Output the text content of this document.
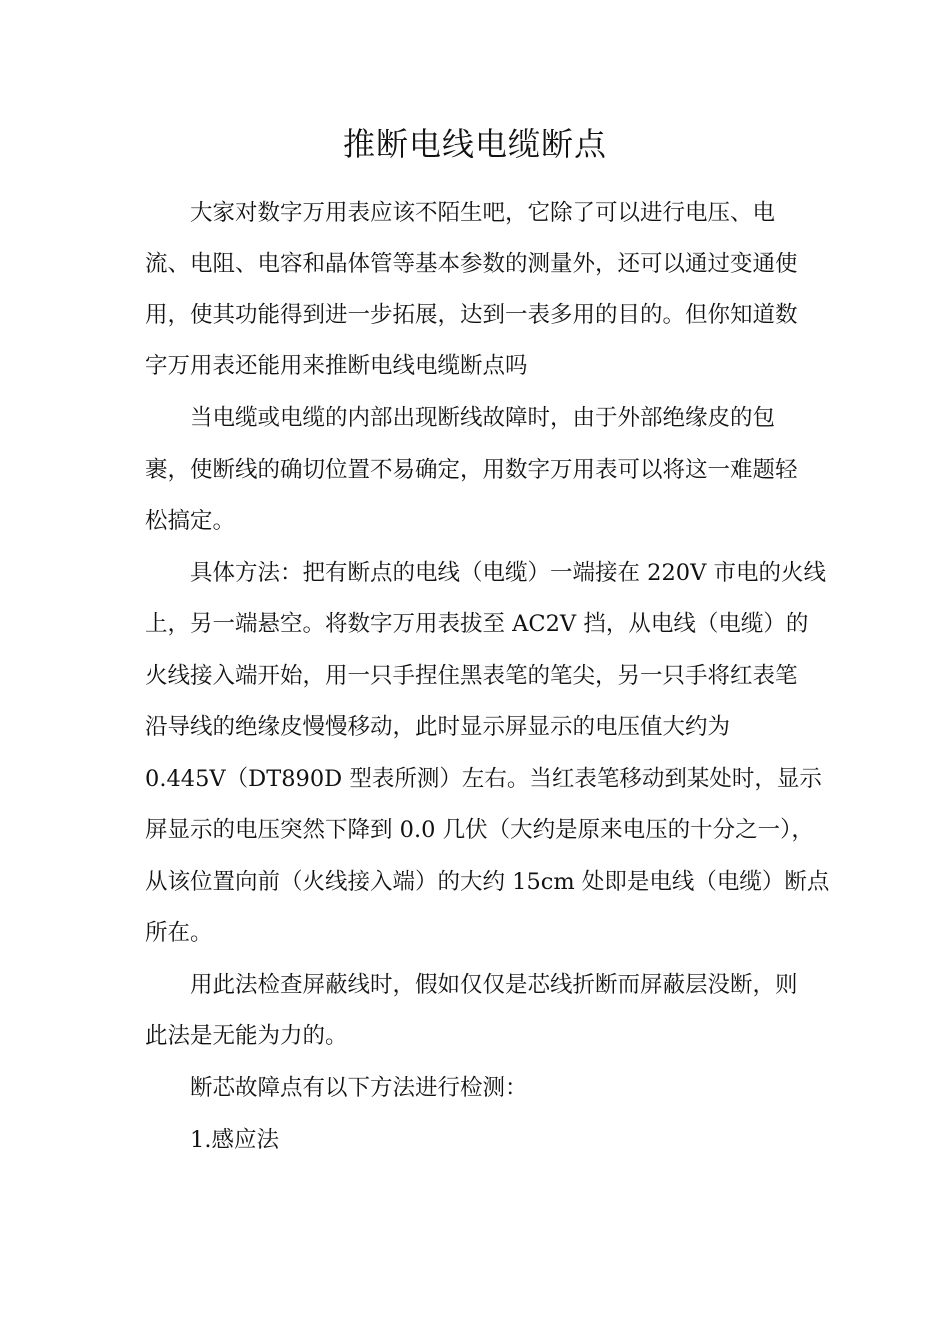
推断电线电缆断点
大家对数字万用表应该不陌生吧，它除了可以进行电压、电
流、电阻、电容和晶体管等基本参数的测量外，还可以通过变通使
用，使其功能得到进一步拓展，达到一表多用的目的。但你知道数
字万用表还能用来推断电线电缆断点吗
当电缆或电缆的内部出现断线故障时，由于外部绝缘皮的包
裹，使断线的确切位置不易确定，用数字万用表可以将这一难题轻
松搞定。
具体方法：把有断点的电线（电缆）一端接在 220V 市电的火线
上，另一端悬空。将数字万用表拔至 AC2V 挡，从电线（电缆）的
火线接入端开始，用一只手捏住黑表笔的笔尖，另一只手将红表笔
沿导线的绝缘皮慢慢移动，此时显示屏显示的电压值大约为
0.445V（DT890D 型表所测）左右。当红表笔移动到某处时，显示
屏显示的电压突然下降到 0.0 几伏（大约是原来电压的十分之一），
从该位置向前（火线接入端）的大约 15cm 处即是电线（电缆）断点
所在。
用此法检查屏蔽线时，假如仅仅是芯线折断而屏蔽层没断，则
此法是无能为力的。
断芯故障点有以下方法进行检测：
1.感应法
